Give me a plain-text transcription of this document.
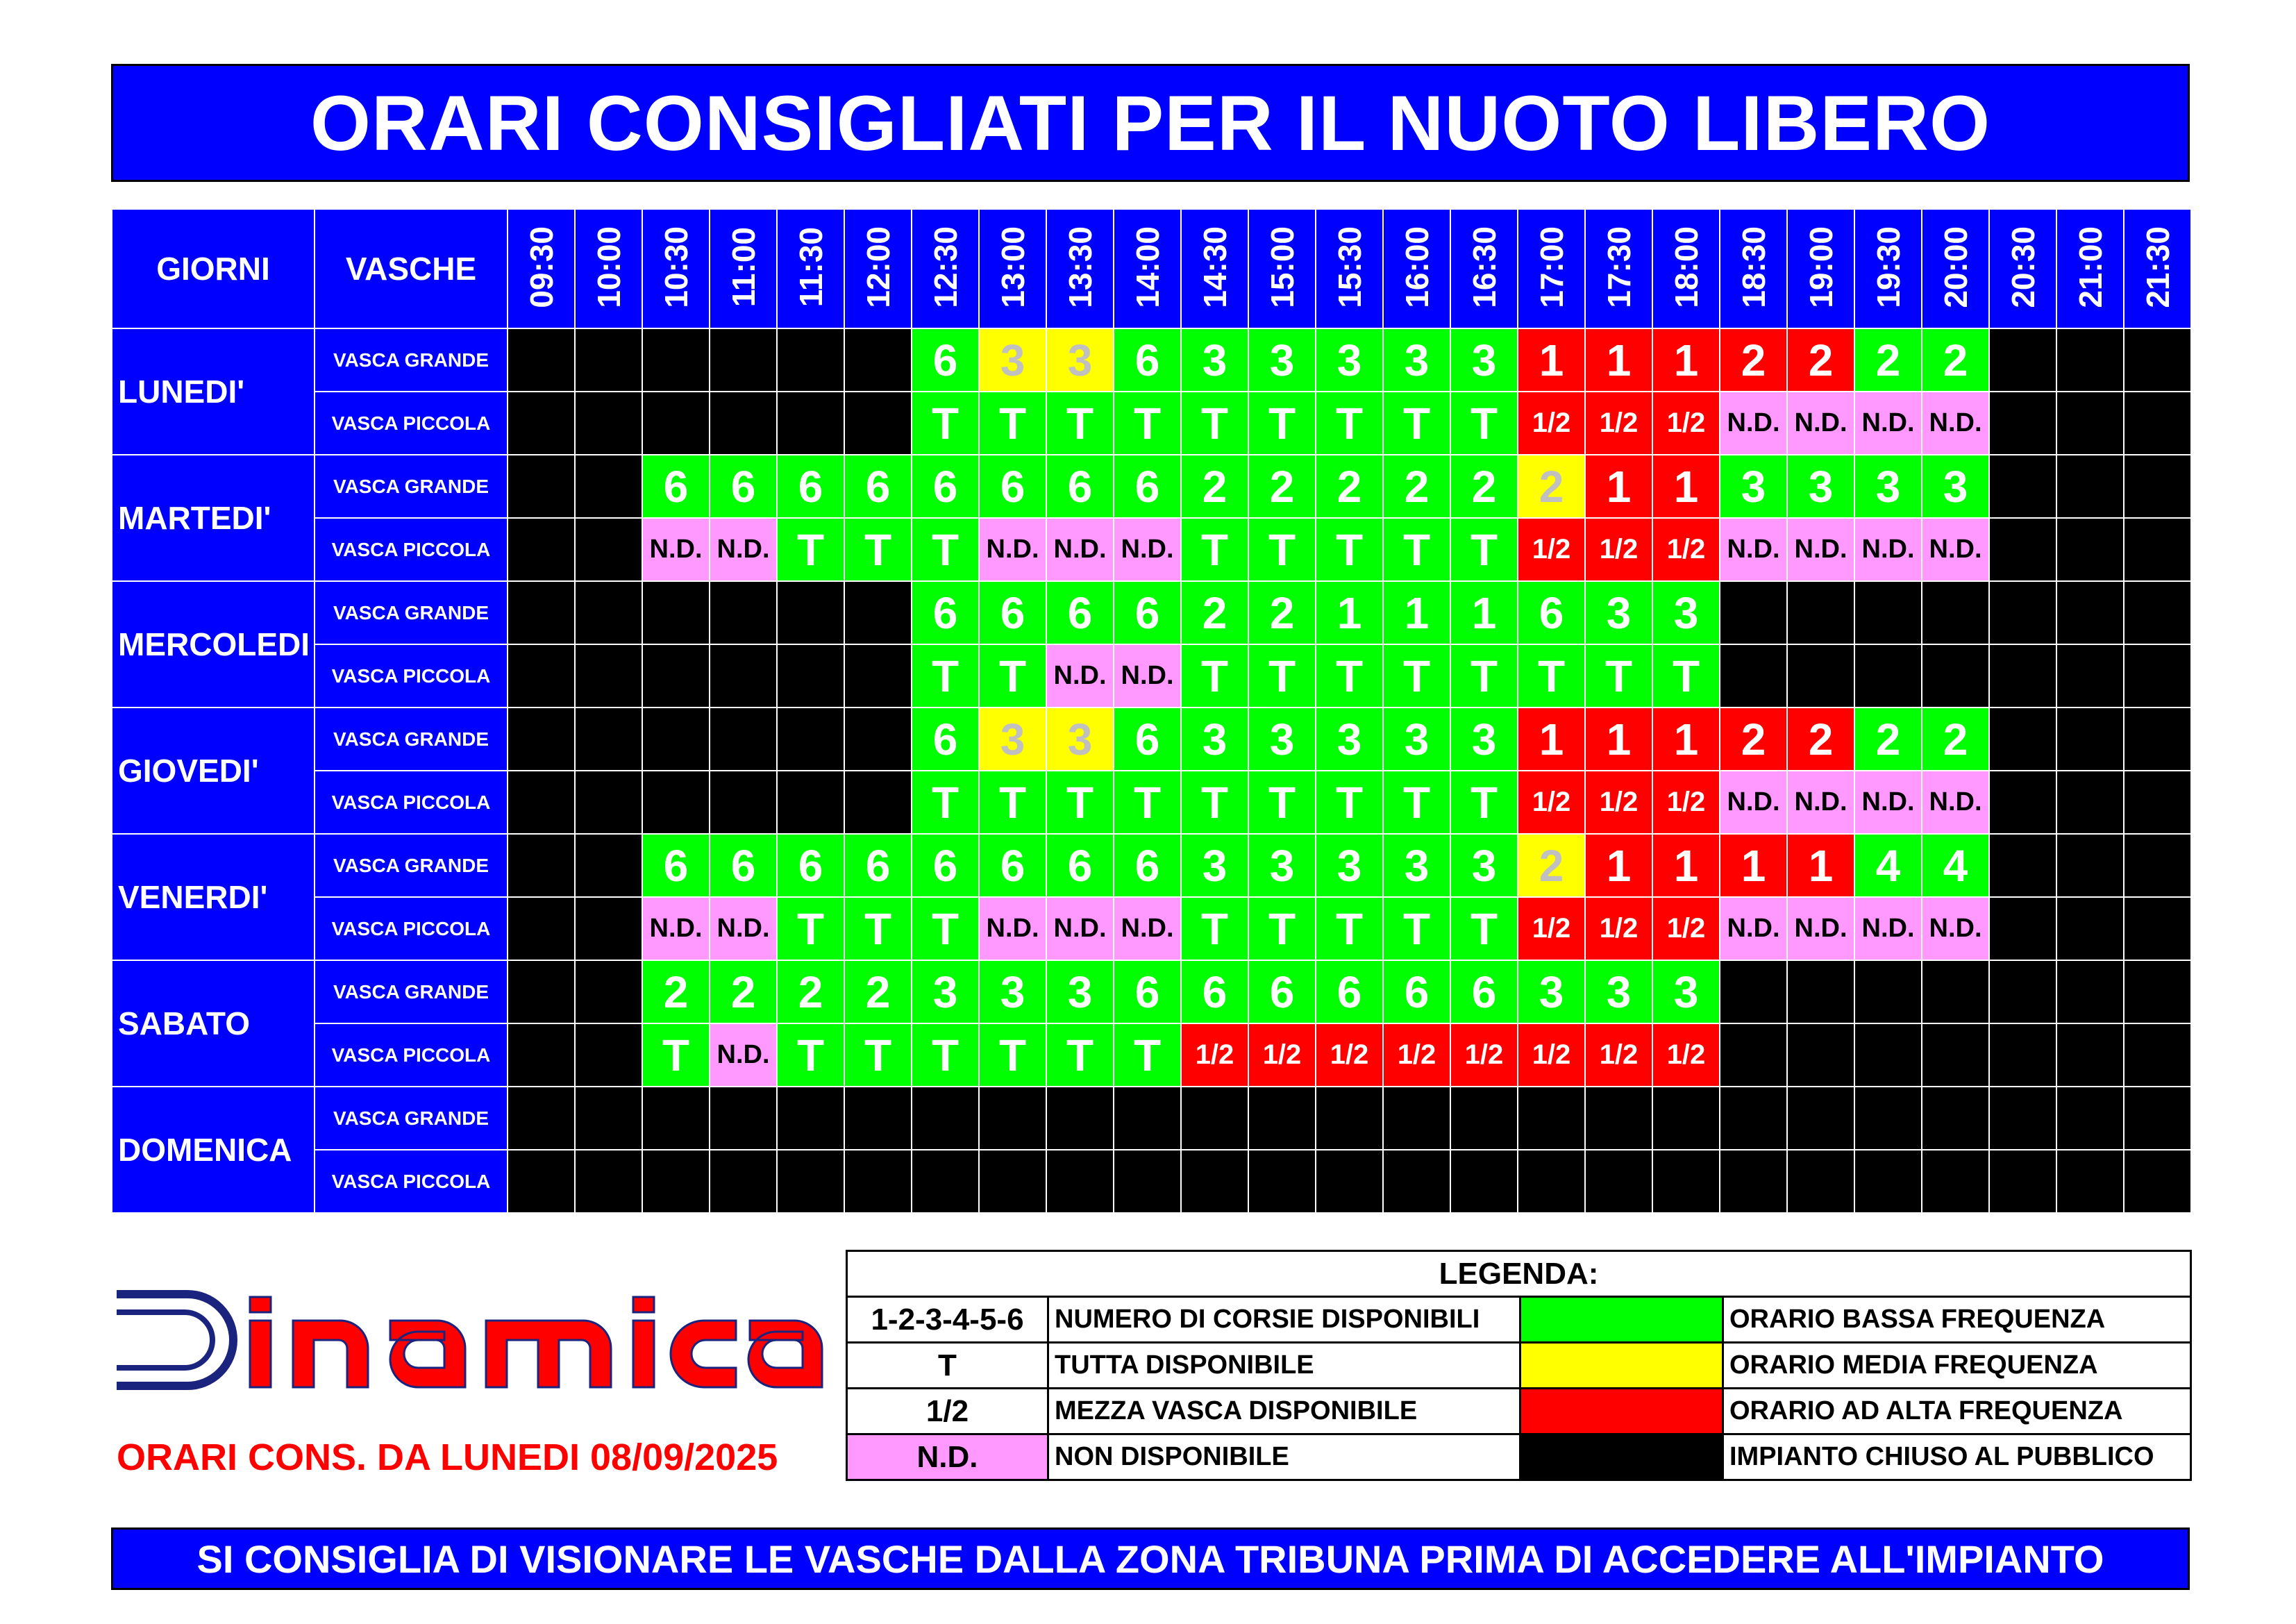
ORARI CONSIGLIATI PER IL NUOTO LIBERO
GIORNI	VASCHE	09:30	10:00	10:30	11:00	11:30	12:00	12:30	13:00	13:30	14:00	14:30	15:00	15:30	16:00	16:30	17:00	17:30	18:00	18:30	19:00	19:30	20:00	20:30	21:00	21:30
LUNEDI'	VASCA GRANDE							6	3	3	6	3	3	3	3	3	1	1	1	2	2	2	2			
	VASCA PICCOLA							T	T	T	T	T	T	T	T	T	1/2	1/2	1/2	N.D.	N.D.	N.D.	N.D.			
MARTEDI'	VASCA GRANDE			6	6	6	6	6	6	6	6	2	2	2	2	2	2	1	1	3	3	3	3			
	VASCA PICCOLA			N.D.	N.D.	T	T	T	N.D.	N.D.	N.D.	T	T	T	T	T	1/2	1/2	1/2	N.D.	N.D.	N.D.	N.D.			
MERCOLEDI	VASCA GRANDE							6	6	6	6	2	2	1	1	1	6	3	3							
	VASCA PICCOLA							T	T	N.D.	N.D.	T	T	T	T	T	T	T	T							
GIOVEDI'	VASCA GRANDE							6	3	3	6	3	3	3	3	3	1	1	1	2	2	2	2			
	VASCA PICCOLA							T	T	T	T	T	T	T	T	T	1/2	1/2	1/2	N.D.	N.D.	N.D.	N.D.			
VENERDI'	VASCA GRANDE			6	6	6	6	6	6	6	6	3	3	3	3	3	2	1	1	1	1	4	4			
	VASCA PICCOLA			N.D.	N.D.	T	T	T	N.D.	N.D.	N.D.	T	T	T	T	T	1/2	1/2	1/2	N.D.	N.D.	N.D.	N.D.			
SABATO	VASCA GRANDE			2	2	2	2	3	3	3	6	6	6	6	6	6	3	3	3							
	VASCA PICCOLA			T	N.D.	T	T	T	T	T	T	1/2	1/2	1/2	1/2	1/2	1/2	1/2	1/2							
DOMENICA	VASCA GRANDE																									
	VASCA PICCOLA																									
ORARI CONS. DA LUNEDI 08/09/2025
LEGENDA:			
1-2-3-4-5-6	NUMERO DI CORSIE DISPONIBILI		ORARIO BASSA FREQUENZA
T	TUTTA DISPONIBILE		ORARIO MEDIA FREQUENZA
1/2	MEZZA VASCA DISPONIBILE		ORARIO AD ALTA FREQUENZA
N.D.	NON DISPONIBILE		IMPIANTO CHIUSO AL PUBBLICO
SI CONSIGLIA DI VISIONARE LE VASCHE DALLA ZONA TRIBUNA PRIMA DI ACCEDERE ALL'IMPIANTO
